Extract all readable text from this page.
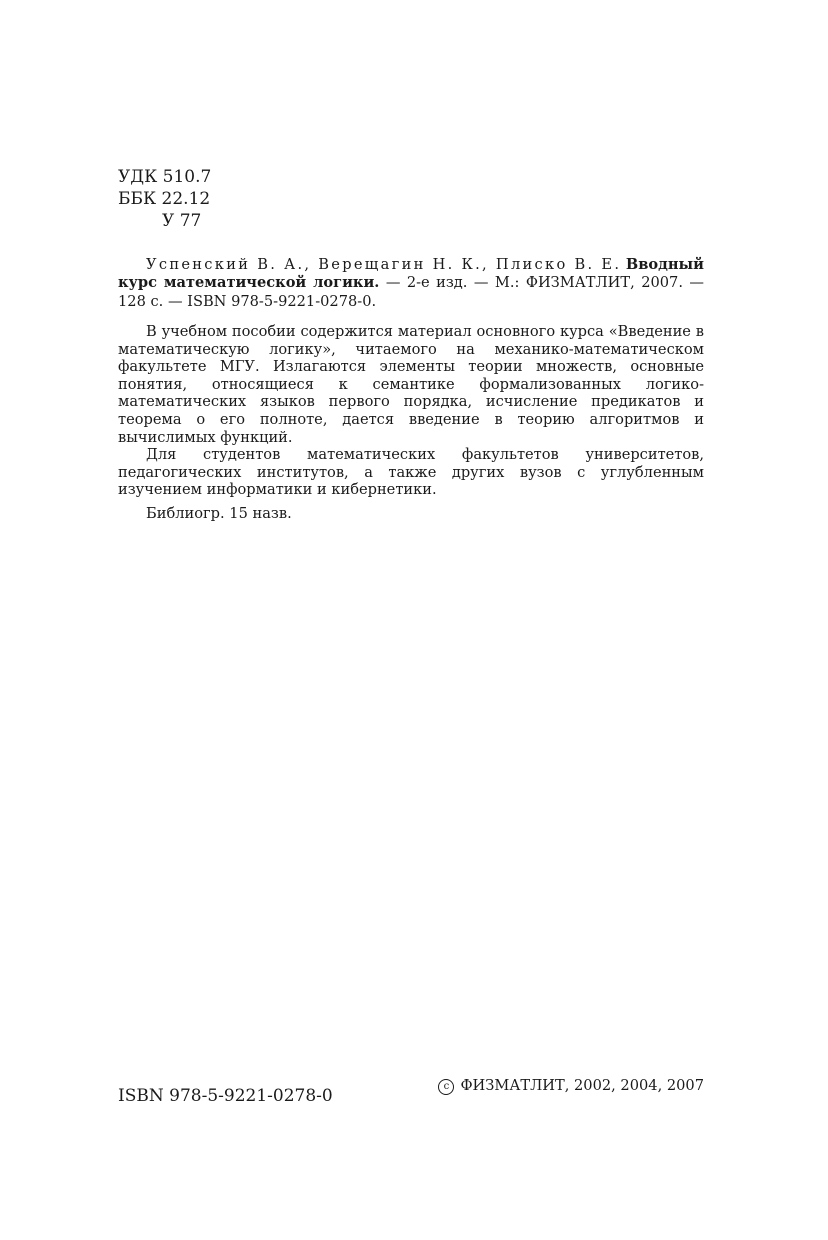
УДК 510.7
ББК 22.12
У 77
Успенский В. А., Верещагин Н. К., Плиско В. Е. Вводный курс математической логики. — 2-е изд. — М.: ФИЗМАТЛИТ, 2007. — 128 с. — ISBN 978-5-9221-0278-0.

В учебном пособии содержится материал основного курса «Введение в математическую логику», читаемого на механико-математическом факультете МГУ. Излагаются элементы теории множеств, основные понятия, относящиеся к семантике формализованных логико-математических языков первого порядка, исчисление предикатов и теорема о его полноте, дается введение в теорию алгоритмов и вычислимых функций.

Для студентов математических факультетов университетов, педагогических институтов, а также других вузов с углубленным изучением информатики и кибернетики.

Библиогр. 15 назв.

ISBN 978-5-9221-0278-0	c ФИЗМАТЛИТ, 2002, 2004, 2007
